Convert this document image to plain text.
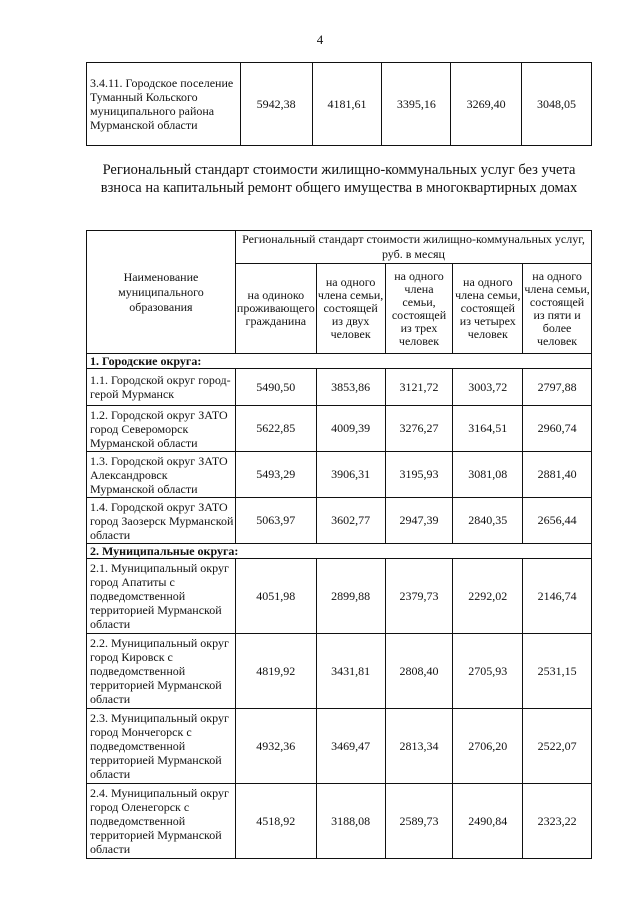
4
3.4.11. Городское поселение Туманный Кольского муниципального района Мурманской области	5942,38	4181,61	3395,16	3269,40	3048,05
Региональный стандарт стоимости жилищно-коммунальных услуг без учета взноса на капитальный ремонт общего имущества в многоквартирных домах
Наименование муниципального образования	Региональный стандарт стоимости жилищно-коммунальных услуг, руб. в месяц				
	на одиноко проживающего гражданина	на одного члена семьи, состоящей из двух человек	на одного члена семьи, состоящей из трех человек	на одного члена семьи, состоящей из четырех человек	на одного члена семьи, состоящей из пяти и более человек
1. Городские округа:					
1.1. Городской округ город-герой Мурманск	5490,50	3853,86	3121,72	3003,72	2797,88
1.2. Городской округ ЗАТО город Североморск Мурманской области	5622,85	4009,39	3276,27	3164,51	2960,74
1.3. Городской округ ЗАТО Александровск Мурманской области	5493,29	3906,31	3195,93	3081,08	2881,40
1.4. Городской округ ЗАТО город Заозерск Мурманской области	5063,97	3602,77	2947,39	2840,35	2656,44
2. Муниципальные округа:					
2.1. Муниципальный округ город Апатиты с подведомственной территорией Мурманской области	4051,98	2899,88	2379,73	2292,02	2146,74
2.2. Муниципальный округ город Кировск с подведомственной территорией Мурманской области	4819,92	3431,81	2808,40	2705,93	2531,15
2.3. Муниципальный округ город Мончегорск с подведомственной территорией Мурманской области	4932,36	3469,47	2813,34	2706,20	2522,07
2.4. Муниципальный округ город Оленегорск с подведомственной территорией Мурманской области	4518,92	3188,08	2589,73	2490,84	2323,22
